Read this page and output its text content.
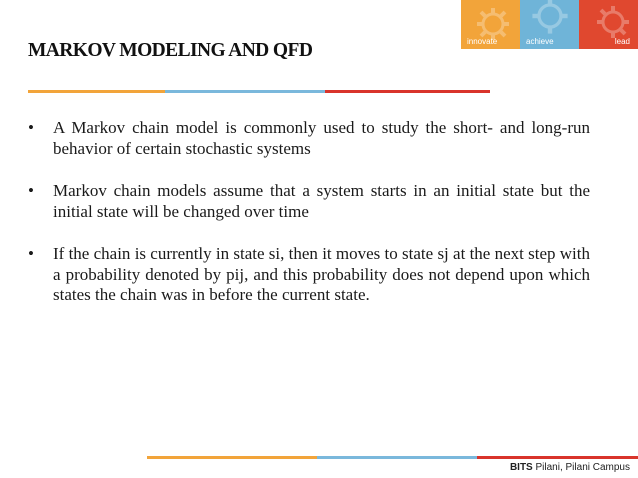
innovate	achieve	lead
MARKOV MODELING AND QFD
•	A Markov chain model is commonly used to study the short- and long-run behavior of certain stochastic systems
•	Markov chain models assume that a system starts in an initial state but the initial state will be changed over time
•	If the chain is currently in state si, then it moves to state sj at the next step with a probability denoted by pij, and this probability does not depend upon which states the chain was in before the current state.
BITS Pilani, Pilani Campus
